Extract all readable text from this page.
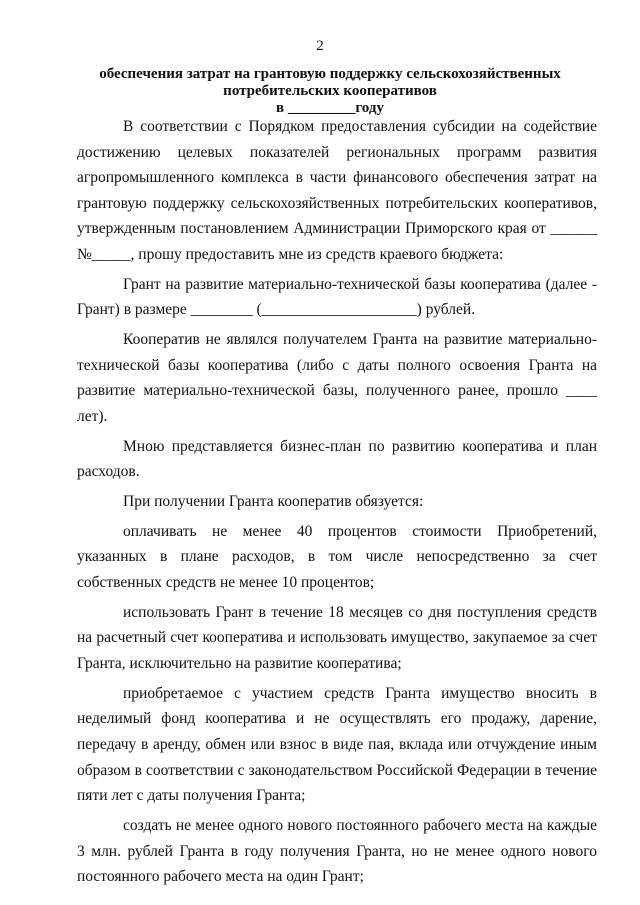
2
обеспечения затрат на грантовую поддержку сельскохозяйственных
потребительских кооперативов
в _________году

В соответствии с Порядком предоставления субсидии на содействие достижению целевых показателей региональных программ развития агропромышленного комплекса в части финансового обеспечения затрат на грантовую поддержку сельскохозяйственных потребительских кооперативов, утвержденным постановлением Администрации Приморского края от ______ №_____, прошу предоставить мне из средств краевого бюджета:

Грант на развитие материально-технической базы кооператива (далее - Грант) в размере ________ (____________________) рублей.

Кооператив не являлся получателем Гранта на развитие материально-технической базы кооператива (либо с даты полного освоения Гранта на развитие материально-технической базы, полученного ранее, прошло ____ лет).

Мною представляется бизнес-план по развитию кооператива и план расходов.

При получении Гранта кооператив обязуется:

оплачивать не менее 40 процентов стоимости Приобретений, указанных в плане расходов, в том числе непосредственно за счет собственных средств не менее 10 процентов;

использовать Грант в течение 18 месяцев со дня поступления средств на расчетный счет кооператива и использовать имущество, закупаемое за счет Гранта, исключительно на развитие кооператива;

приобретаемое с участием средств Гранта имущество вносить в неделимый фонд кооператива и не осуществлять его продажу, дарение, передачу в аренду, обмен или взнос в виде пая, вклада или отчуждение иным образом в соответствии с законодательством Российской Федерации в течение пяти лет с даты получения Гранта;

создать не менее одного нового постоянного рабочего места на каждые 3 млн. рублей Гранта в году получения Гранта, но не менее одного нового постоянного рабочего места на один Грант;
